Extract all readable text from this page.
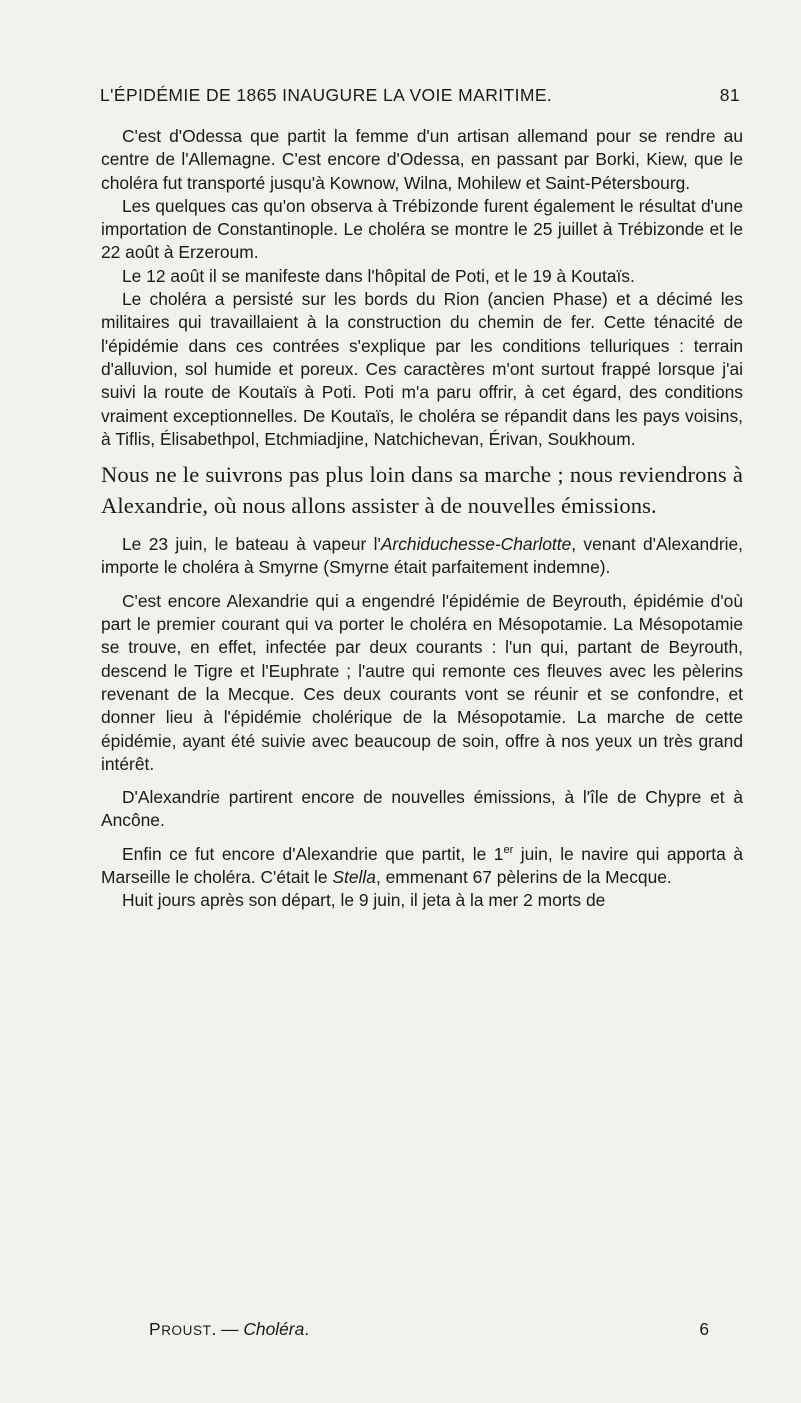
L'ÉPIDÉMIE DE 1865 INAUGURE LA VOIE MARITIME.	81

C'est d'Odessa que partit la femme d'un artisan allemand pour se rendre au centre de l'Allemagne. C'est encore d'Odessa, en passant par Borki, Kiew, que le choléra fut transporté jusqu'à Kownow, Wilna, Mohilew et Saint-Pétersbourg.

Les quelques cas qu'on observa à Trébizonde furent également le résultat d'une importation de Constantinople. Le choléra se montre le 25 juillet à Trébizonde et le 22 août à Erzeroum.

Le 12 août il se manifeste dans l'hôpital de Poti, et le 19 à Koutaïs.

Le choléra a persisté sur les bords du Rion (ancien Phase) et a décimé les militaires qui travaillaient à la construction du chemin de fer. Cette ténacité de l'épidémie dans ces contrées s'explique par les conditions telluriques : terrain d'alluvion, sol humide et poreux. Ces caractères m'ont surtout frappé lorsque j'ai suivi la route de Koutaïs à Poti. Poti m'a paru offrir, à cet égard, des conditions vraiment exceptionnelles. De Koutaïs, le choléra se répandit dans les pays voisins, à Tiflis, Élisabethpol, Etchmiadjine, Natchichevan, Érivan, Soukhoum.

Nous ne le suivrons pas plus loin dans sa marche ; nous reviendrons à Alexandrie, où nous allons assister à de nouvelles émissions.

Le 23 juin, le bateau à vapeur l'Archiduchesse-Charlotte, venant d'Alexandrie, importe le choléra à Smyrne (Smyrne était parfaitement indemne).

C'est encore Alexandrie qui a engendré l'épidémie de Beyrouth, épidémie d'où part le premier courant qui va porter le choléra en Mésopotamie. La Mésopotamie se trouve, en effet, infectée par deux courants : l'un qui, partant de Beyrouth, descend le Tigre et l'Euphrate ; l'autre qui remonte ces fleuves avec les pèlerins revenant de la Mecque. Ces deux courants vont se réunir et se confondre, et donner lieu à l'épidémie cholérique de la Mésopotamie. La marche de cette épidémie, ayant été suivie avec beaucoup de soin, offre à nos yeux un très grand intérêt.

D'Alexandrie partirent encore de nouvelles émissions, à l'île de Chypre et à Ancône.

Enfin ce fut encore d'Alexandrie que partit, le 1er juin, le navire qui apporta à Marseille le choléra. C'était le Stella, emmenant 67 pèlerins de la Mecque.

Huit jours après son départ, le 9 juin, il jeta à la mer 2 morts de

PROUST. — Choléra.	6
